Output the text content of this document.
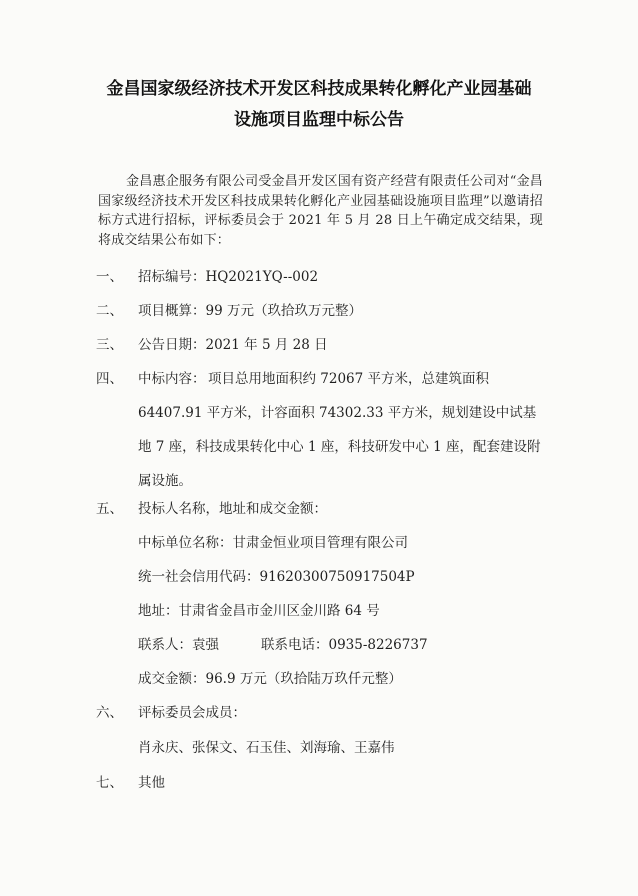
金昌国家级经济技术开发区科技成果转化孵化产业园基础
设施项目监理中标公告
金昌惠企服务有限公司受金昌开发区国有资产经营有限责任公司对“金昌国家级经济技术开发区科技成果转化孵化产业园基础设施项目监理”以邀请招标方式进行招标，评标委员会于 2021 年 5 月 28 日上午确定成交结果，现将成交结果公布如下：
一、 招标编号：HQ2021YQ--002
二、 项目概算：99 万元（玖拾玖万元整）
三、 公告日期：2021 年 5 月 28 日
四、 中标内容： 项目总用地面积约 72067 平方米，总建筑面积 64407.91 平方米，计容面积 74302.33 平方米，规划建设中试基地 7 座，科技成果转化中心 1 座，科技研发中心 1 座，配套建设附属设施。
五、 投标人名称，地址和成交金额：
中标单位名称：甘肃金恒业项目管理有限公司
统一社会信用代码：91620300750917504P
地址：甘肃省金昌市金川区金川路 64 号
联系人：袁强	联系电话：0935-8226737
成交金额：96.9 万元（玖拾陆万玖仟元整）
六、 评标委员会成员：
肖永庆、张保文、石玉佳、刘海瑜、王嘉伟
七、 其他
